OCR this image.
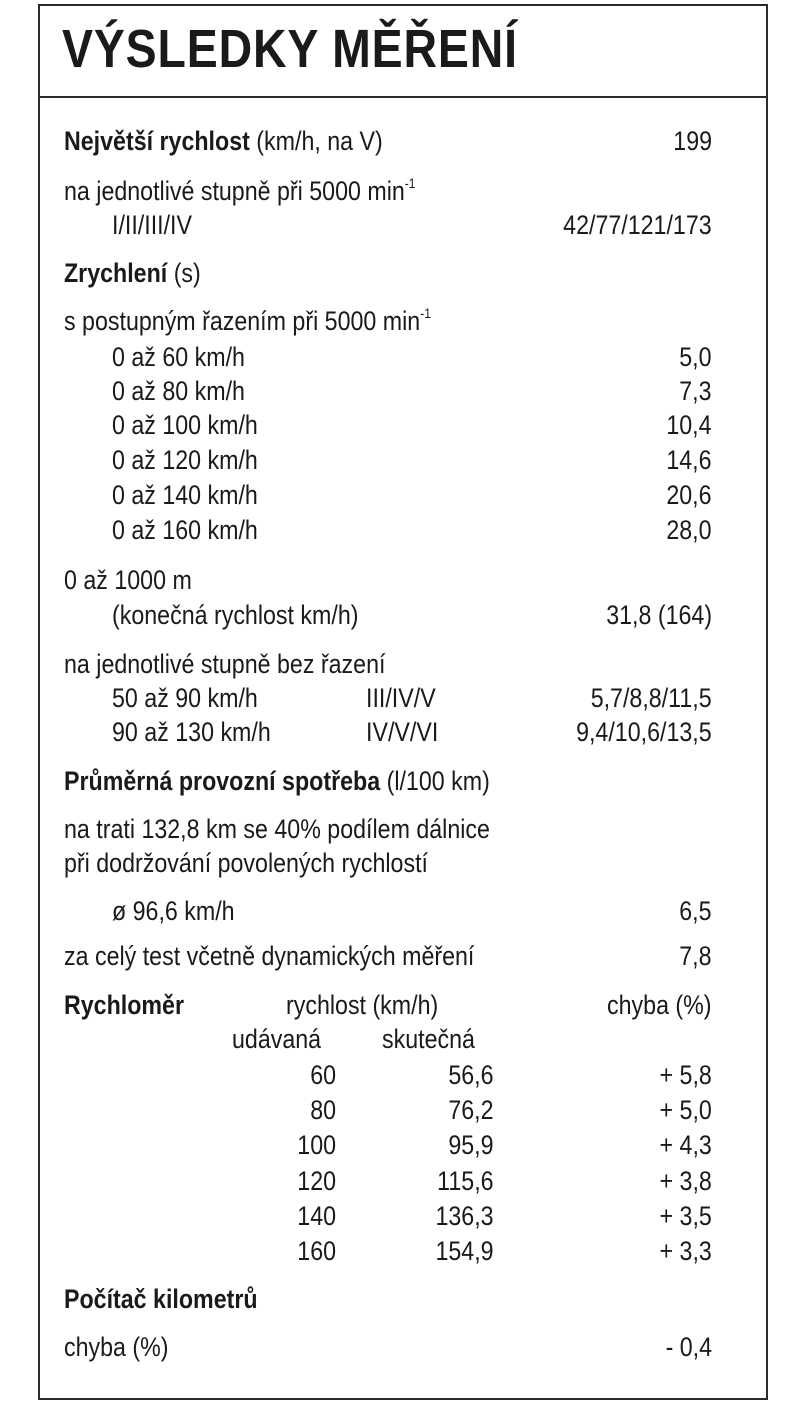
VÝSLEDKY MĚŘENÍ
Největší rychlost (km/h, na V)	199
na jednotlivé stupně při 5000 $\min^{-1}$
I/II/III/IV	42/77/121/173
Zrychlení (s)
s postupným řazením při 5000 $\min^{-1}$
0 až 60 km/h	5,0
0 až 80 km/h	7,3
0 až 100 km/h	10,4
0 až 120 km/h	14,6
0 až 140 km/h	20,6
0 až 160 km/h	28,0
0 až 1000 m
(konečná rychlost km/h)	31,8 (164)
na jednotlivé stupně bez řazení
50 až 90 km/h	III/IV/V	5,7/8,8/11,5
90 až 130 km/h	IV/V/VI	9,4/10,6/13,5
Průměrná provozní spotřeba (l/100 km)
na trati 132,8 km se 40% podílem dálnice
při dodržování povolených rychlostí
ø 96,6 km/h	6,5
za celý test včetně dynamických měření	7,8
Rychloměr	rychlost (km/h)	chyba (%)
udávaná skutečná
60	56,6	+ 5,8
80	76,2	+ 5,0
100	95,9	+ 4,3
120	115,6	+ 3,8
140	136,3	+ 3,5
160	154,9	+ 3,3
Počítač kilometrů
chyba (%)	- 0,4
